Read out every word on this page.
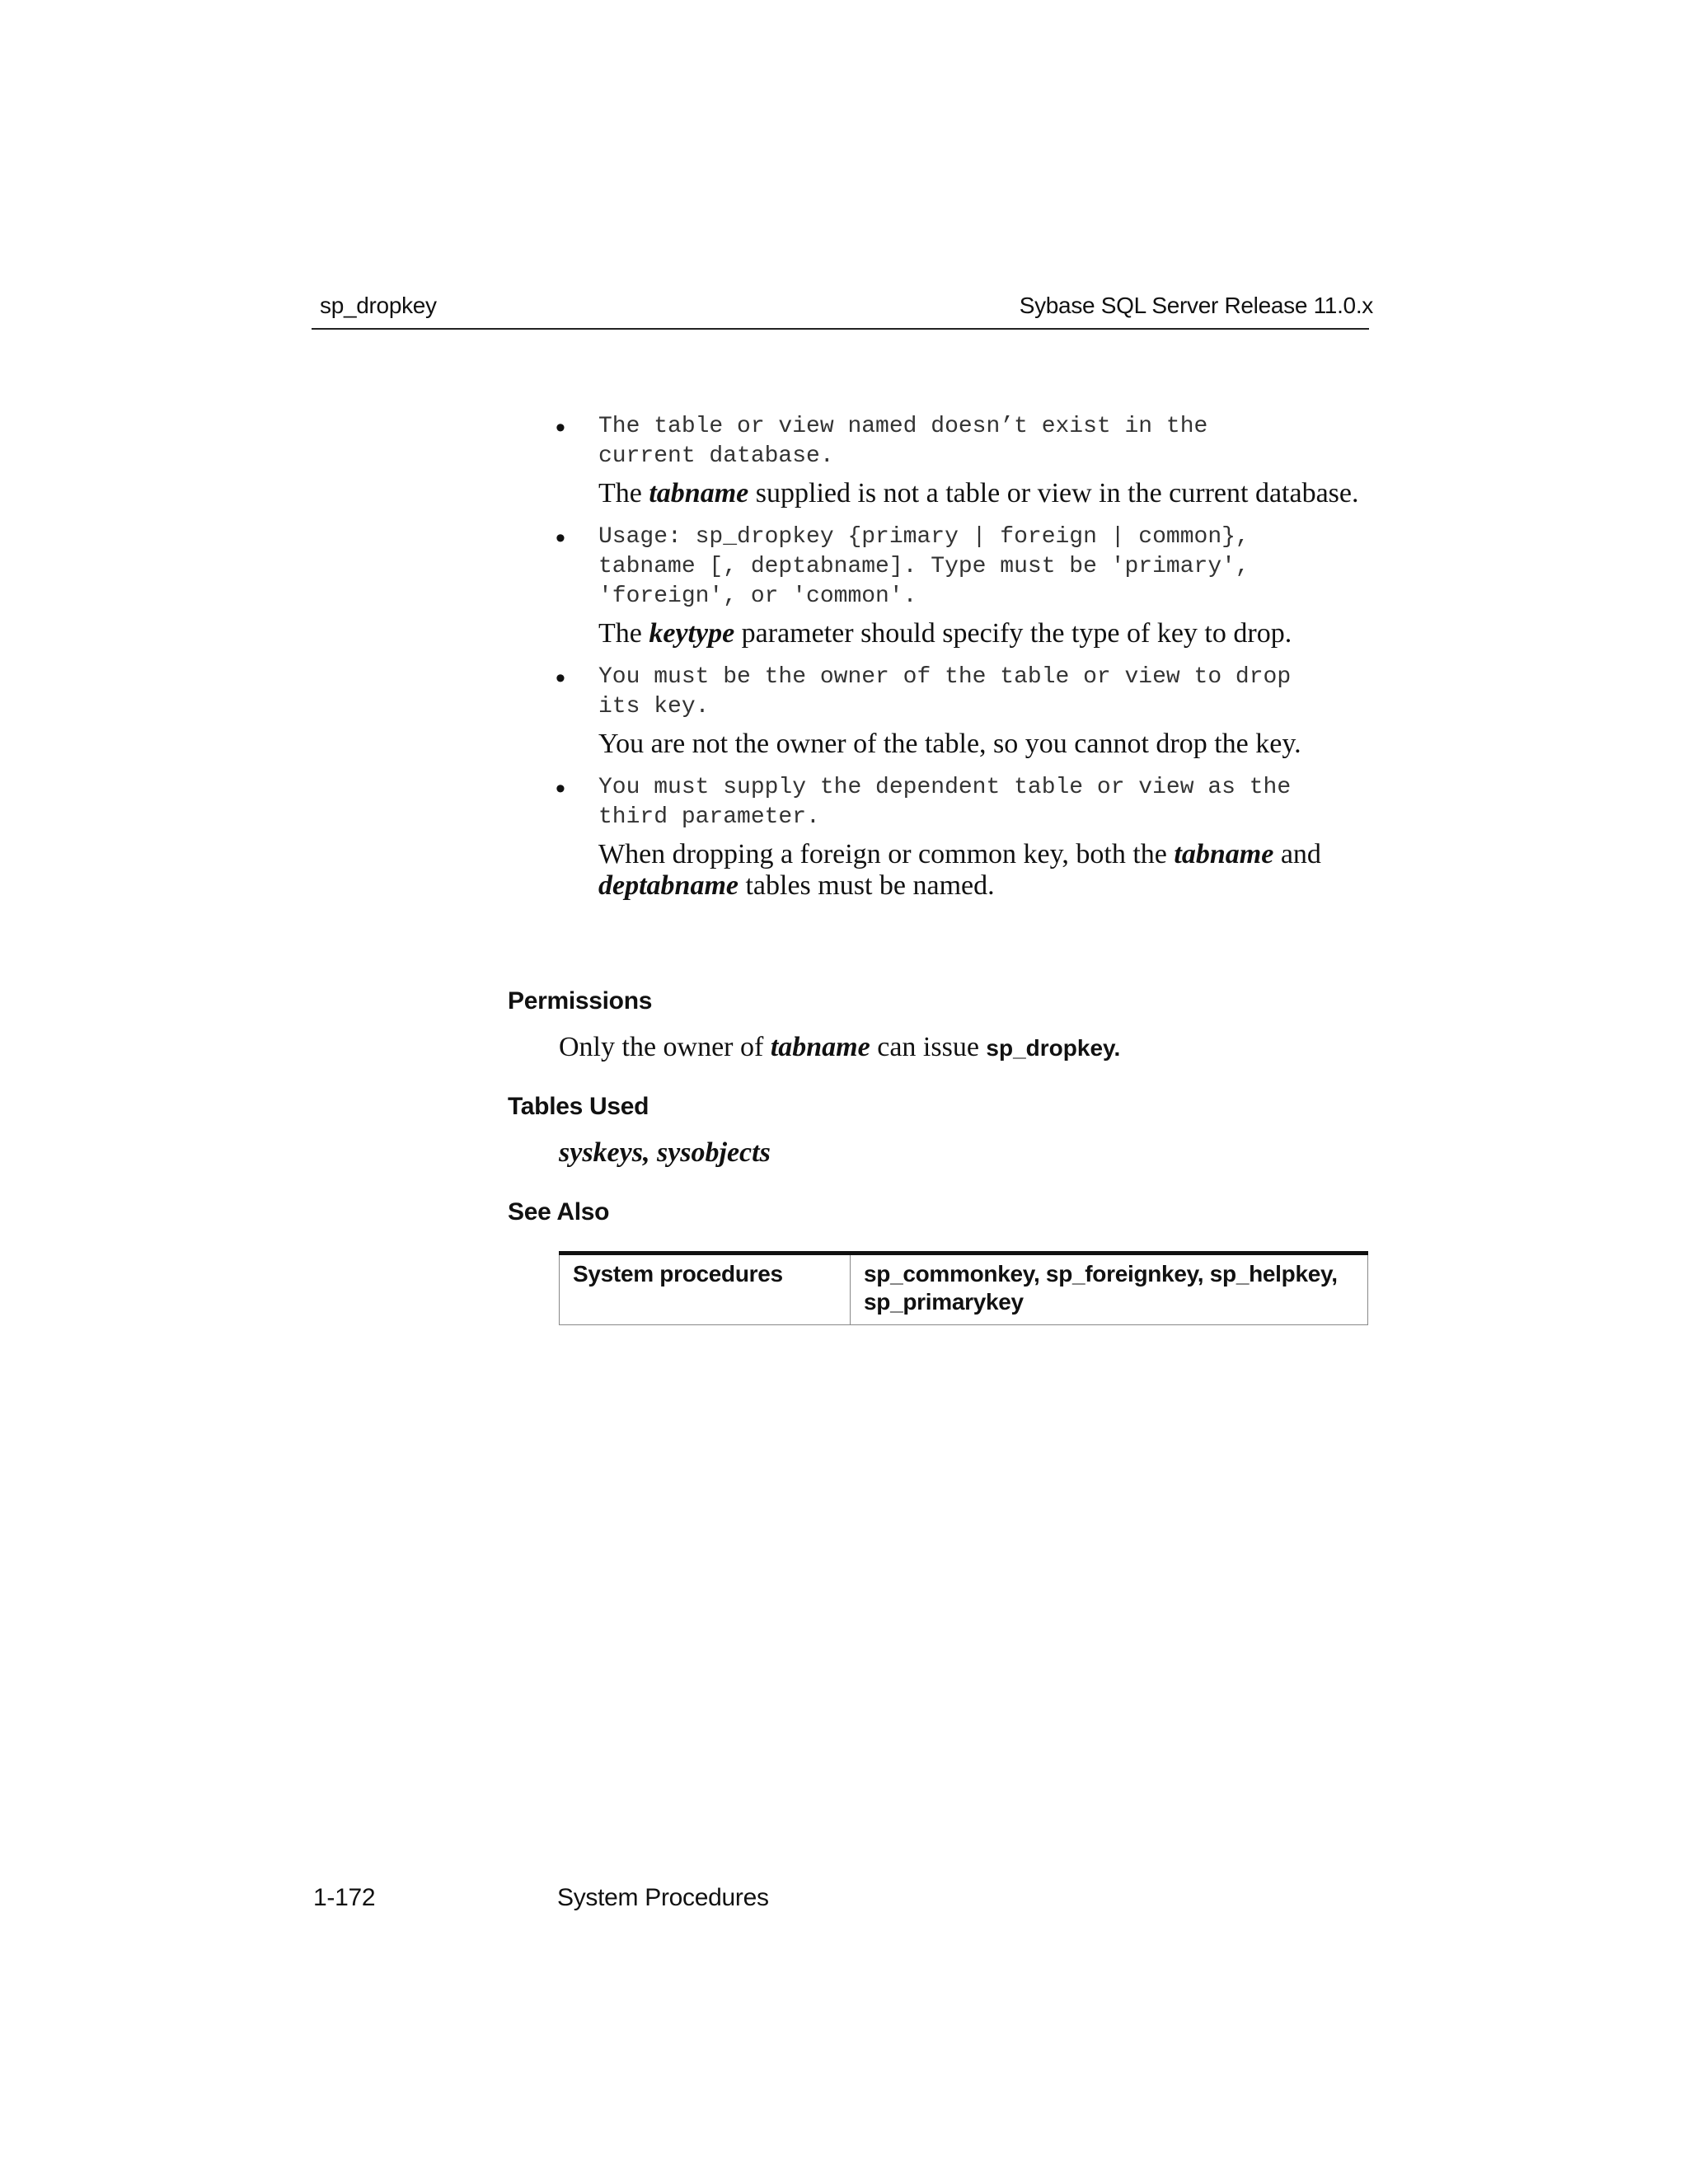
sp_dropkey	Sybase SQL Server Release 11.0.x
• The table or view named doesn’t exist in the
current database.
The tabname supplied is not a table or view in the current database.
• Usage: sp_dropkey {primary | foreign | common},
tabname [, deptabname]. Type must be 'primary',
'foreign', or 'common'.
The keytype parameter should specify the type of key to drop.
• You must be the owner of the table or view to drop
its key.
You are not the owner of the table, so you cannot drop the key.
• You must supply the dependent table or view as the
third parameter.
When dropping a foreign or common key, both the tabname and deptabname tables must be named.
Permissions
Only the owner of tabname can issue sp_dropkey.
Tables Used
syskeys, sysobjects
See Also
System procedures	sp_commonkey, sp_foreignkey, sp_helpkey,
sp_primarykey
1-172	System Procedures
